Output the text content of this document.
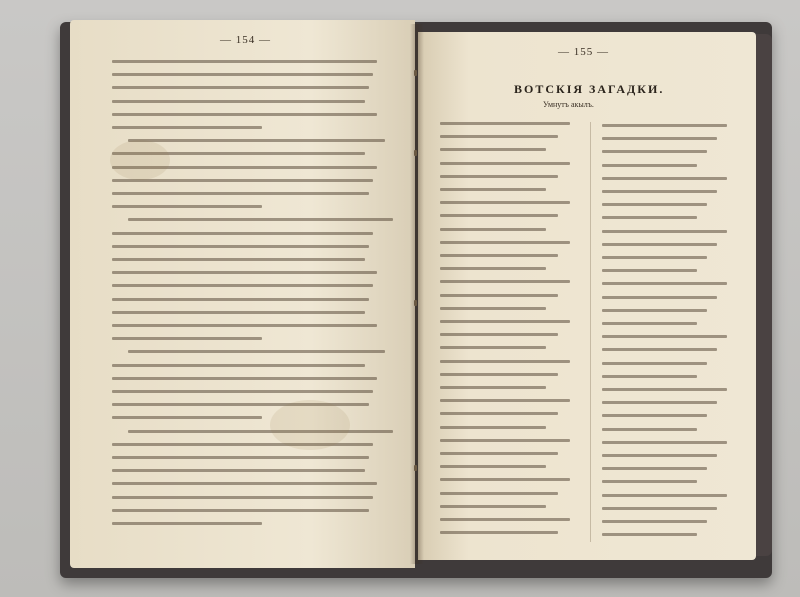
— 154 —
— 155 —
ВОТСКІЯ ЗАГАДКИ.
Умнутъ акылъ.
